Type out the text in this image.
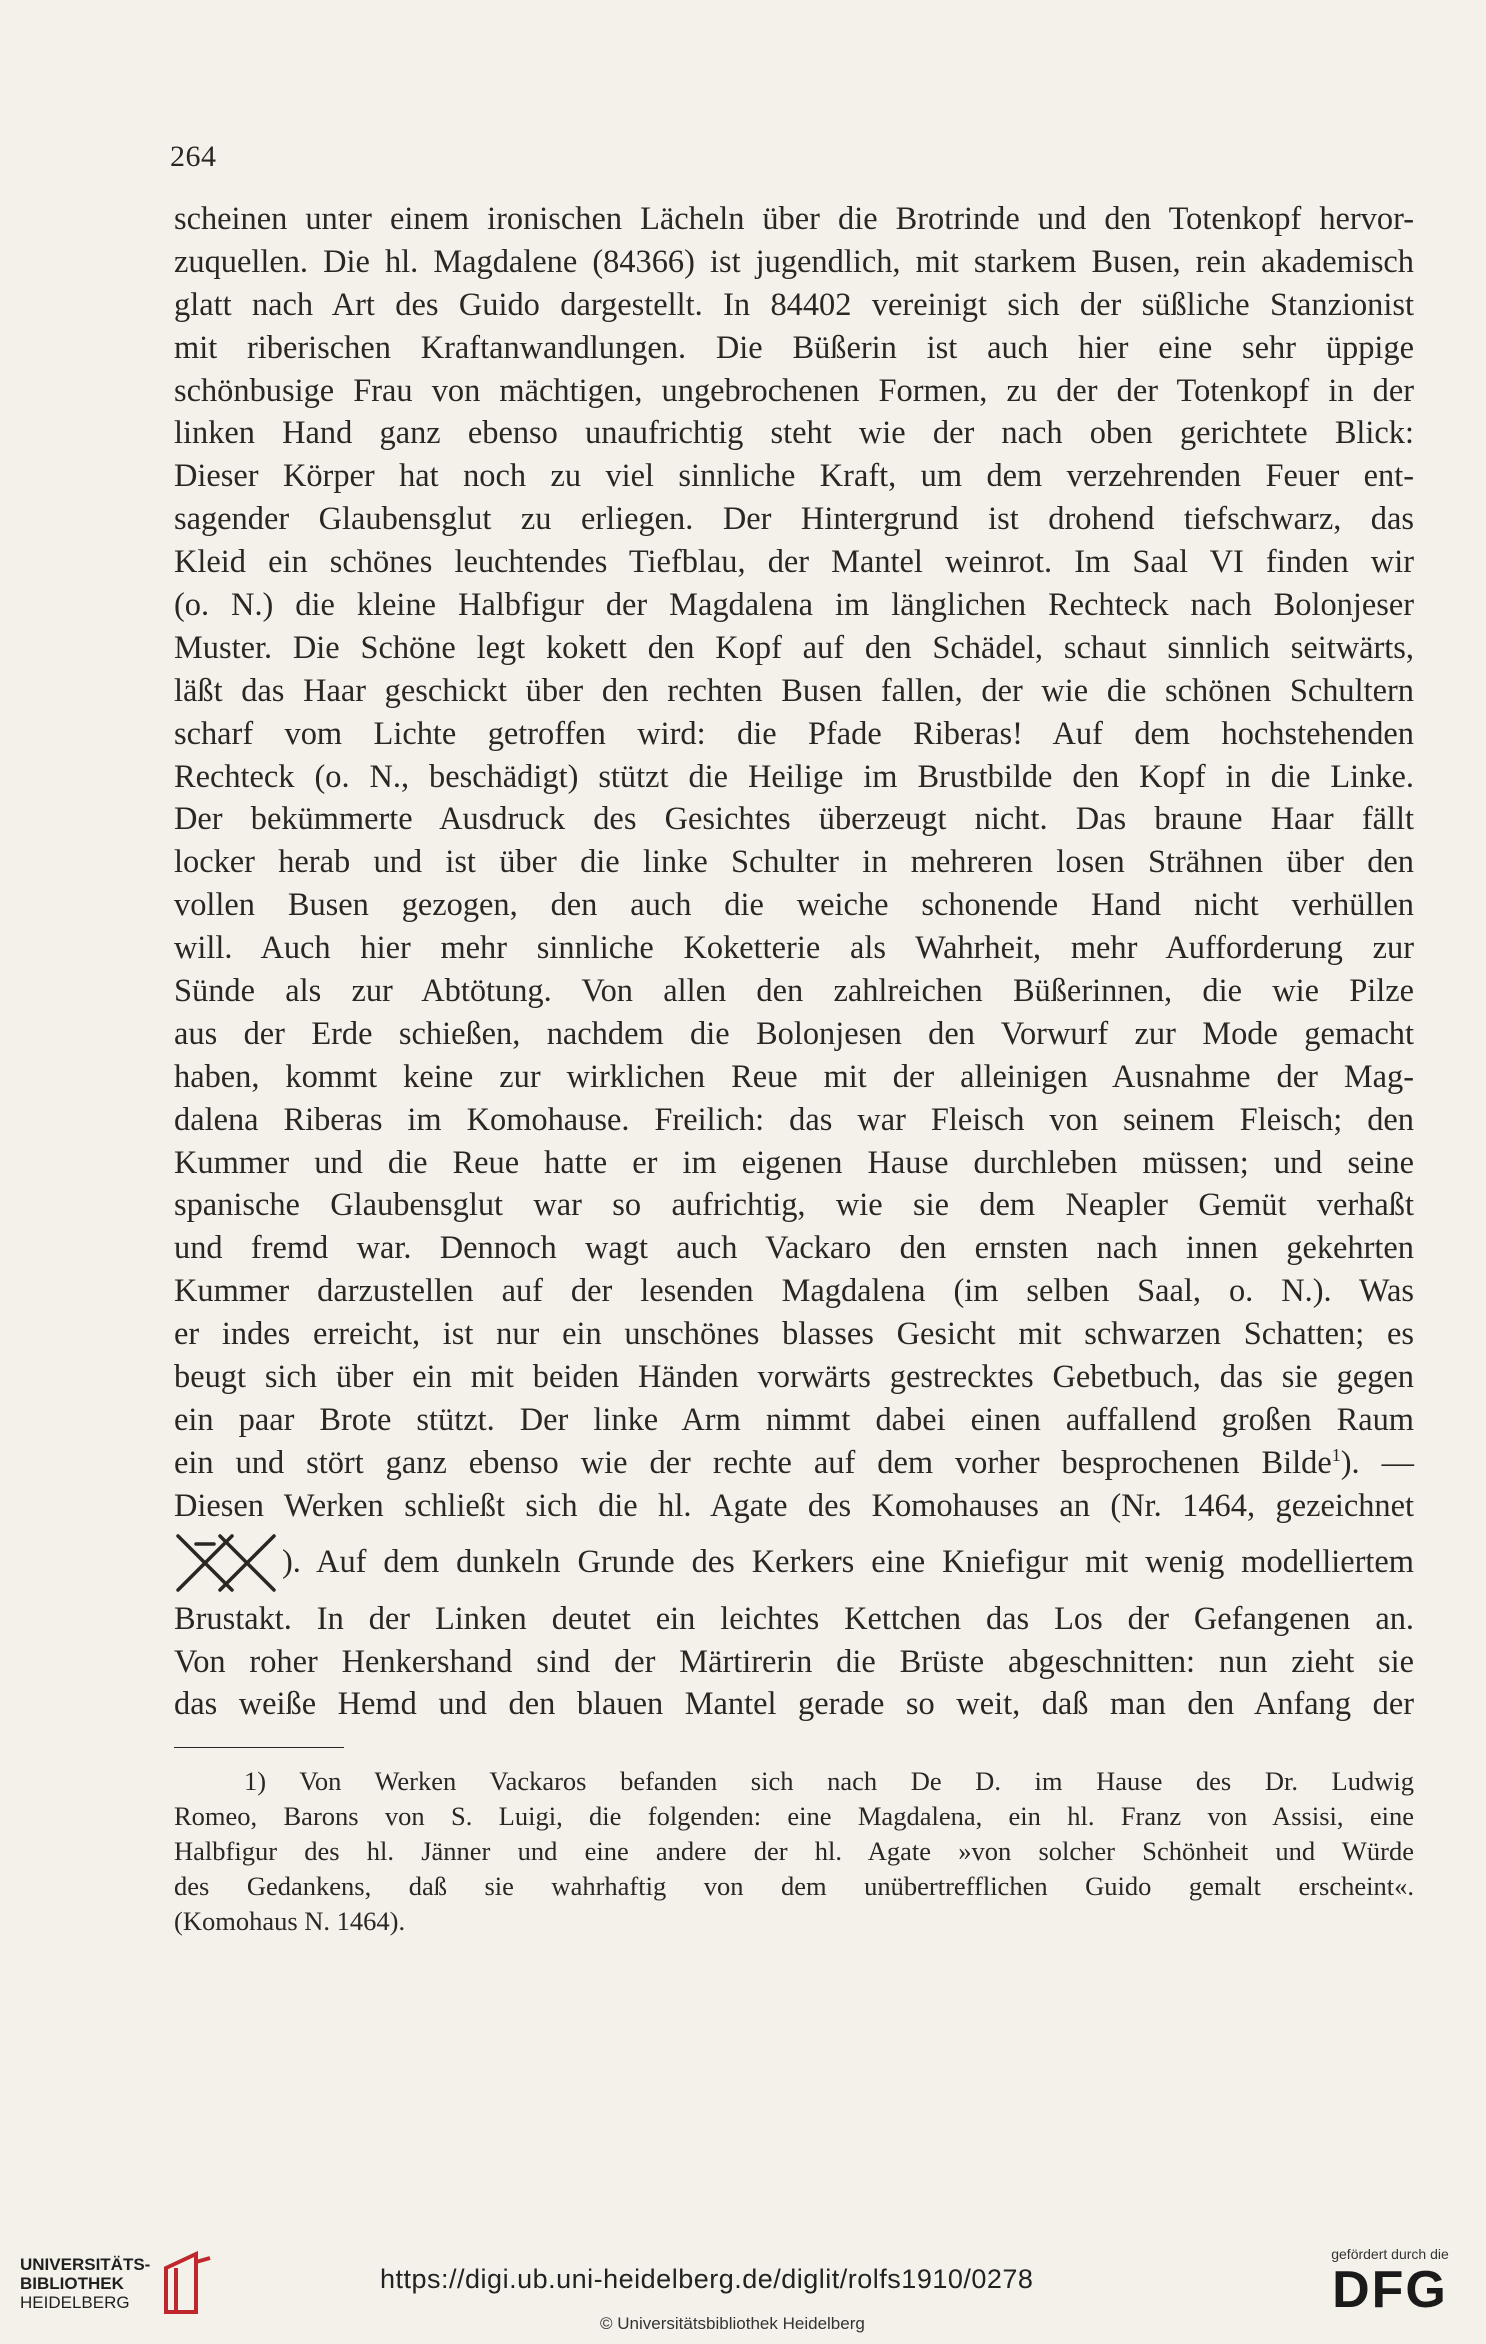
264
scheinen unter einem ironischen Lächeln über die Brotrinde und den Totenkopf hervor-
zuquellen. Die hl. Magdalene (84366) ist jugendlich, mit starkem Busen, rein akademisch
glatt nach Art des Guido dargestellt. In 84402 vereinigt sich der süßliche Stanzionist
mit riberischen Kraftanwandlungen. Die Büßerin ist auch hier eine sehr üppige
schönbusige Frau von mächtigen, ungebrochenen Formen, zu der der Totenkopf in der
linken Hand ganz ebenso unaufrichtig steht wie der nach oben gerichtete Blick:
Dieser Körper hat noch zu viel sinnliche Kraft, um dem verzehrenden Feuer ent-
sagender Glaubensglut zu erliegen. Der Hintergrund ist drohend tiefschwarz, das
Kleid ein schönes leuchtendes Tiefblau, der Mantel weinrot. Im Saal VI finden wir
(o. N.) die kleine Halbfigur der Magdalena im länglichen Rechteck nach Bolonjeser
Muster. Die Schöne legt kokett den Kopf auf den Schädel, schaut sinnlich seitwärts,
läßt das Haar geschickt über den rechten Busen fallen, der wie die schönen Schultern
scharf vom Lichte getroffen wird: die Pfade Riberas! Auf dem hochstehenden
Rechteck (o. N., beschädigt) stützt die Heilige im Brustbilde den Kopf in die Linke.
Der bekümmerte Ausdruck des Gesichtes überzeugt nicht. Das braune Haar fällt
locker herab und ist über die linke Schulter in mehreren losen Strähnen über den
vollen Busen gezogen, den auch die weiche schonende Hand nicht verhüllen
will. Auch hier mehr sinnliche Koketterie als Wahrheit, mehr Aufforderung zur
Sünde als zur Abtötung. Von allen den zahlreichen Büßerinnen, die wie Pilze
aus der Erde schießen, nachdem die Bolonjesen den Vorwurf zur Mode gemacht
haben, kommt keine zur wirklichen Reue mit der alleinigen Ausnahme der Mag-
dalena Riberas im Komohause. Freilich: das war Fleisch von seinem Fleisch; den
Kummer und die Reue hatte er im eigenen Hause durchleben müssen; und seine
spanische Glaubensglut war so aufrichtig, wie sie dem Neapler Gemüt verhaßt
und fremd war. Dennoch wagt auch Vackaro den ernsten nach innen gekehrten
Kummer darzustellen auf der lesenden Magdalena (im selben Saal, o. N.). Was
er indes erreicht, ist nur ein unschönes blasses Gesicht mit schwarzen Schatten; es
beugt sich über ein mit beiden Händen vorwärts gestrecktes Gebetbuch, das sie gegen
ein paar Brote stützt. Der linke Arm nimmt dabei einen auffallend großen Raum
ein und stört ganz ebenso wie der rechte auf dem vorher besprochenen Bilde$^1$). —
Diesen Werken schließt sich die hl. Agate des Komohauses an (Nr. 1464, gezeichnet
). Auf dem dunkeln Grunde des Kerkers eine Kniefigur mit wenig modelliertem
Brustakt. In der Linken deutet ein leichtes Kettchen das Los der Gefangenen an.
Von roher Henkershand sind der Märtirerin die Brüste abgeschnitten: nun zieht sie
das weiße Hemd und den blauen Mantel gerade so weit, daß man den Anfang der
1) Von Werken Vackaros befanden sich nach De D. im Hause des Dr. Ludwig
Romeo, Barons von S. Luigi, die folgenden: eine Magdalena, ein hl. Franz von Assisi, eine
Halbfigur des hl. Jänner und eine andere der hl. Agate »von solcher Schönheit und Würde
des Gedankens, daß sie wahrhaftig von dem unübertrefflichen Guido gemalt erscheint«.
(Komohaus N. 1464).
UNIVERSITÄTS-
BIBLIOTHEK
HEIDELBERG
https://digi.ub.uni-heidelberg.de/diglit/rolfs1910/0278
© Universitätsbibliothek Heidelberg
gefördert durch die
DFG
